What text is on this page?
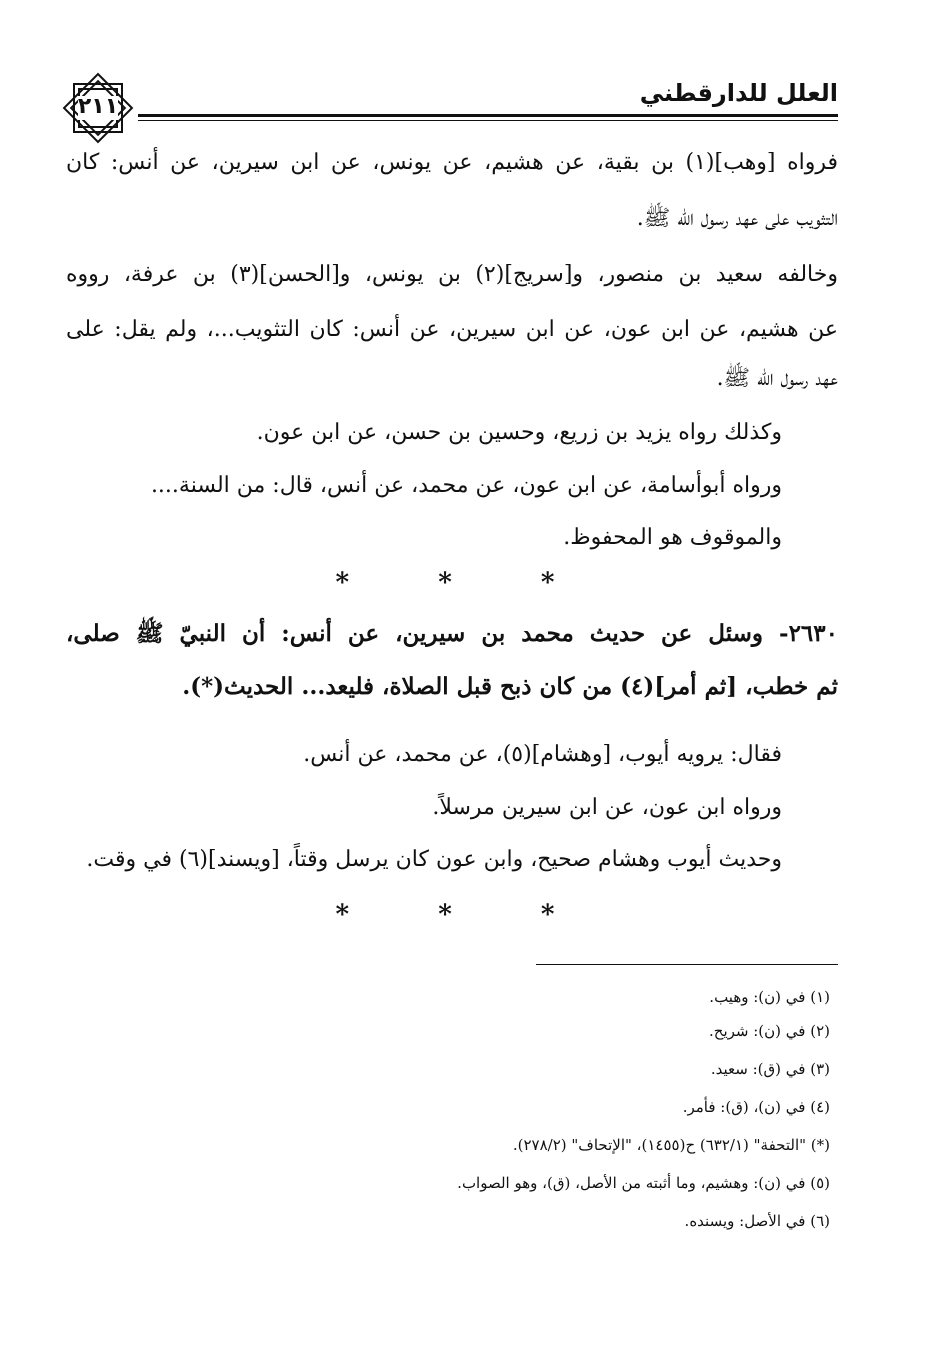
العلل للدارقطني
٢١١
فرواه [وهب](١) بن بقية، عن هشيم، عن يونس، عن ابن سيرين، عن أنس: كان
التثويب على عهد رسول الله ﷺ.
وخالفه سعيد بن منصور، و[سريج](٢) بن يونس، و[الحسن](٣) بن عرفة، رووه
عن هشيم، عن ابن عون، عن ابن سيرين، عن أنس: كان التثويب...، ولم يقل: على
عهد رسول الله ﷺ.
وكذلك رواه يزيد بن زريع، وحسين بن حسن، عن ابن عون.
ورواه أبوأسامة، عن ابن عون، عن محمد، عن أنس، قال: من السنة....
والموقوف هو المحفوظ.
* * *
٢٦٣٠- وسئل عن حديث محمد بن سيرين، عن أنس: أن النبيّ ﷺ صلى،
ثم خطب، [ثم أمر](٤) من كان ذبح قبل الصلاة، فليعد... الحديث(*).
فقال: يرويه أيوب، [وهشام](٥)، عن محمد، عن أنس.
ورواه ابن عون، عن ابن سيرين مرسلاً.
وحديث أيوب وهشام صحيح، وابن عون كان يرسل وقتاً، [ويسند](٦) في وقت.
* * *
(١) في (ن): وهيب.
(٢) في (ن): شريح.
(٣) في (ق): سعيد.
(٤) في (ن)، (ق): فأمر.
(*) "التحفة" (٦٣٢/١) ح(١٤٥٥)، "الإتحاف" (٢٧٨/٢).
(٥) في (ن): وهشيم، وما أثبته من الأصل، (ق)، وهو الصواب.
(٦) في الأصل: ويسنده.
